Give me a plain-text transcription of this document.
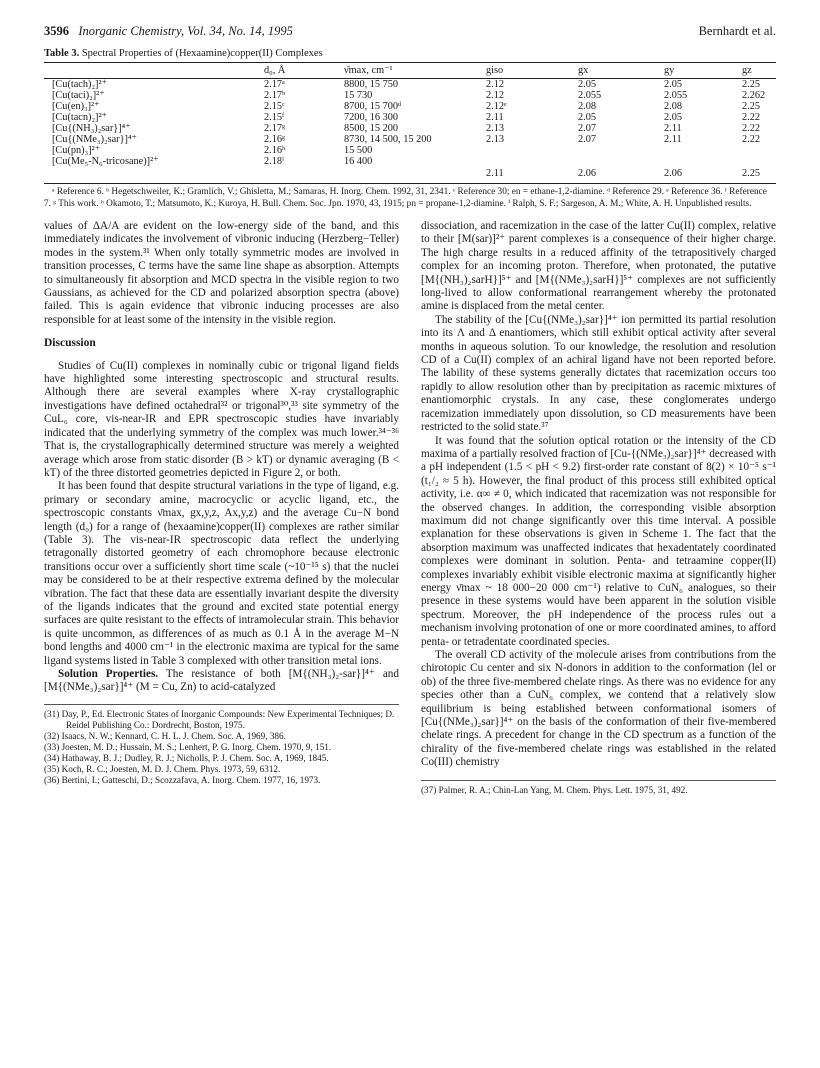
3596 Inorganic Chemistry, Vol. 34, No. 14, 1995	Bernhardt et al.
Table 3. Spectral Properties of (Hexaamine)copper(II) Complexes
	d₀, Å	ν̄max, cm⁻¹	giso	gx	gy	gz
[Cu(tach)₂]²⁺	2.17ᵃ	8800, 15 750	2.12	2.05	2.05	2.25
[Cu(taci)₂]²⁺	2.17ᵇ	15 730	2.12	2.055	2.055	2.262
[Cu(en)₃]²⁺	2.15ᶜ	8700, 15 700ᵈ	2.12ᵉ	2.08	2.08	2.25
[Cu(tacn)₂]²⁺	2.15ᶠ	7200, 16 300	2.11	2.05	2.05	2.22
[Cu{(NH₃)₂sar}]⁴⁺	2.17ᵍ	8500, 15 200	2.13	2.07	2.11	2.22
[Cu{(NMe₃)₂sar}]⁴⁺	2.16ᵍ	8730, 14 500, 15 200	2.13	2.07	2.11	2.22
[Cu(pn)₃]²⁺	2.16ʰ	15 500				
[Cu(Me₅-N₆-tricosane)]²⁺	2.18ⁱ	16 400	2.11	2.06	2.06	2.25
ᵃ Reference 6. ᵇ Hegetschweiler, K.; Gramlich, V.; Ghisletta, M.; Samaras, H. Inorg. Chem. 1992, 31, 2341. ᶜ Reference 30; en = ethane-1,2-diamine. ᵈ Reference 29. ᵉ Reference 36. ᶠ Reference 7. ᵍ This work. ʰ Okamoto, T.; Matsumoto, K.; Kuroya, H. Bull. Chem. Soc. Jpn. 1970, 43, 1915; pn = propane-1,2-diamine. ⁱ Ralph, S. F.; Sargeson, A. M.; White, A. H. Unpublished results.

values of ΔA/A are evident on the low-energy side of the band, and this immediately indicates the involvement of vibronic inducing (Herzberg−Teller) modes in the system.³¹ When only totally symmetric modes are involved in transition processes, C terms have the same line shape as absorption. Attempts to simultaneously fit absorption and MCD spectra in the visible region to two Gaussians, as achieved for the CD and polarized absorption spectra (above) failed. This is again evidence that vibronic inducing processes are also responsible for at least some of the intensity in the visible region.

Discussion

Studies of Cu(II) complexes in nominally cubic or trigonal ligand fields have highlighted some interesting spectroscopic and structural results. Although there are several examples where X-ray crystallographic investigations have defined octahedral³² or trigonal³⁰,³³ site symmetry of the CuL₆ core, vis-near-IR and EPR spectroscopic studies have invariably indicated that the underlying symmetry of the complex was much lower.³⁴⁻³⁶ That is, the crystallographically determined structure was merely a weighted average which arose from static disorder (B > kT) or dynamic averaging (B < kT) of the three distorted geometries depicted in Figure 2, or both.

It has been found that despite structural variations in the type of ligand, e.g. primary or secondary amine, macrocyclic or acyclic ligand, etc., the spectroscopic constants ν̄max, gx,y,z, Ax,y,z) and the average Cu−N bond length (d₀) for a range of (hexaamine)copper(II) complexes are rather similar (Table 3). The vis-near-IR spectroscopic data reflect the underlying tetragonally distorted geometry of each chromophore because electronic transitions occur over a sufficiently short time scale (~10⁻¹⁵ s) that the nuclei may be considered to be at their respective extrema defined by the molecular vibration. The fact that these data are essentially invariant despite the diversity of the ligands indicates that the ground and excited state potential energy surfaces are quite resistant to the effects of intramolecular strain. This behavior is quite uncommon, as differences of as much as 0.1 Å in the average M−N bond lengths and 4000 cm⁻¹ in the electronic maxima are typical for the same ligand systems listed in Table 3 complexed with other transition metal ions.

Solution Properties. The resistance of both [M{(NH₃)₂-sar}]⁴⁺ and [M{(NMe₃)₂sar}]⁴⁺ (M = Cu, Zn) to acid-catalyzed

(31) Day, P., Ed. Electronic States of Inorganic Compounds: New Experimental Techniques; D. Reidel Publishing Co.: Dordrecht, Boston, 1975.
(32) Isaacs, N. W.; Kennard, C. H. L. J. Chem. Soc. A, 1969, 386.
(33) Joesten, M. D.; Hussain, M. S.; Lenhert, P. G. Inorg. Chem. 1970, 9, 151.
(34) Hathaway, B. J.; Dudley, R. J.; Nicholls, P. J. Chem. Soc. A, 1969, 1845.
(35) Koch, R. C.; Joesten, M. D. J. Chem. Phys. 1973, 59, 6312.
(36) Bertini, I.; Gatteschi, D.; Scozzafava, A. Inorg. Chem. 1977, 16, 1973.

dissociation, and racemization in the case of the latter Cu(II) complex, relative to their [M(sar)]²⁺ parent complexes is a consequence of their higher charge. The high charge results in a reduced affinity of the tetrapositively charged complex for an incoming proton. Therefore, when protonated, the putative [M{(NH₃)₂sarH}]⁵⁺ and [M{(NMe₃)₂sarH}]⁵⁺ complexes are not sufficiently long-lived to allow conformational rearrangement whereby the protonated amine is displaced from the metal center.

The stability of the [Cu{(NMe₃)₂sar}]⁴⁺ ion permitted its partial resolution into its Λ and Δ enantiomers, which still exhibit optical activity after several months in aqueous solution. To our knowledge, the resolution and resolution CD of a Cu(II) complex of an achiral ligand have not been reported before. The lability of these systems generally dictates that racemization occurs too rapidly to allow resolution other than by precipitation as racemic mixtures of enantiomorphic crystals. In any case, these conglomerates undergo racemization immediately upon dissolution, so CD measurements have been restricted to the solid state.³⁷

It was found that the solution optical rotation or the intensity of the CD maxima of a partially resolved fraction of [Cu-{(NMe₃)₂sar}]⁴⁺ decreased with a pH independent (1.5 < pH < 9.2) first-order rate constant of 8(2) × 10⁻⁵ s⁻¹ (t₁/₂ ≈ 5 h). However, the final product of this process still exhibited optical activity, i.e. α∞ ≠ 0, which indicated that racemization was not responsible for the observed changes. In addition, the corresponding visible absorption maximum did not change significantly over this time interval. A possible explanation for these observations is given in Scheme 1. The fact that the absorption maximum was unaffected indicates that hexadentately coordinated complexes were dominant in solution. Penta- and tetraamine copper(II) complexes invariably exhibit visible electronic maxima at significantly higher energy ν̄max ~ 18 000−20 000 cm⁻¹) relative to CuN₆ analogues, so their presence in these systems would have been apparent in the solution visible spectrum. Moreover, the pH independence of the process rules out a mechanism involving protonation of one or more coordinated amines, to afford penta- or tetradentate coordinated species.

The overall CD activity of the molecule arises from contributions from the chirotopic Cu center and six N-donors in addition to the conformation (lel or ob) of the three five-membered chelate rings. As there was no evidence for any species other than a CuN₆ complex, we contend that a relatively slow equilibrium is being established between conformational isomers of [Cu{(NMe₃)₂sar}]⁴⁺ on the basis of the conformation of their five-membered chelate rings. A precedent for change in the CD spectrum as a function of the chirality of the five-membered chelate rings was established in the related Co(III) chemistry

(37) Palmer, R. A.; Chin-Lan Yang, M. Chem. Phys. Lett. 1975, 31, 492.
